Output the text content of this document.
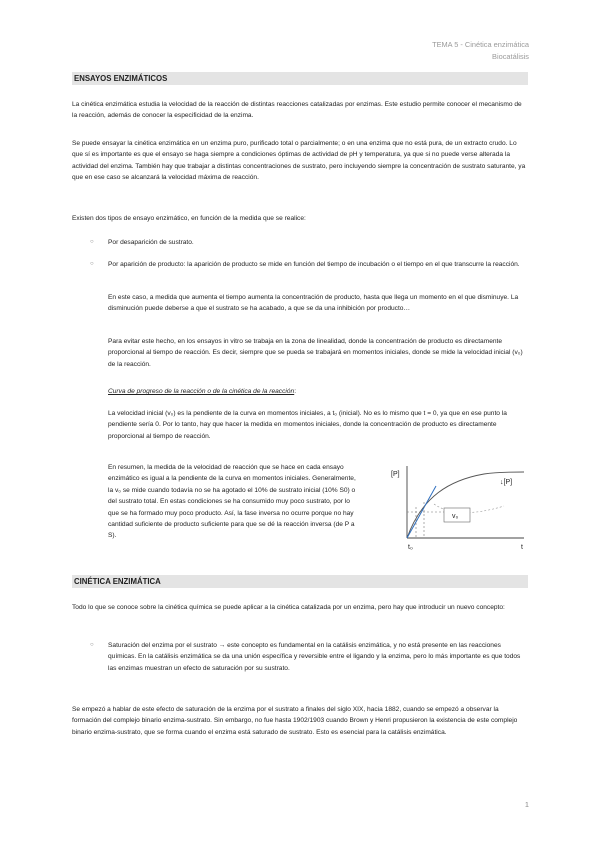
TEMA 5 - Cinética enzimática
Biocatálisis
ENSAYOS ENZIMÁTICOS

La cinética enzimática estudia la velocidad de la reacción de distintas reacciones catalizadas por enzimas. Este estudio permite conocer el mecanismo de la reacción, además de conocer la especificidad de la enzima.

Se puede ensayar la cinética enzimática en un enzima puro, purificado total o parcialmente; o en una enzima que no está pura, de un extracto crudo. Lo que sí es importante es que el ensayo se haga siempre a condiciones óptimas de actividad de pH y temperatura, ya que si no puede verse alterada la actividad del enzima. También hay que trabajar a distintas concentraciones de sustrato, pero incluyendo siempre la concentración de sustrato saturante, ya que en ese caso se alcanzará la velocidad máxima de reacción.

Existen dos tipos de ensayo enzimático, en función de la medida que se realice:

○ Por desaparición de sustrato.

○ Por aparición de producto: la aparición de producto se mide en función del tiempo de incubación o el tiempo en el que transcurre la reacción.

En este caso, a medida que aumenta el tiempo aumenta la concentración de producto, hasta que llega un momento en el que disminuye. La disminución puede deberse a que el sustrato se ha acabado, a que se da una inhibición por producto…

Para evitar este hecho, en los ensayos in vitro se trabaja en la zona de linealidad, donde la concentración de producto es directamente proporcional al tiempo de reacción. Es decir, siempre que se pueda se trabajará en momentos iniciales, donde se mide la velocidad inicial (v₀) de la reacción.

Curva de progreso de la reacción o de la cinética de la reacción:

La velocidad inicial (v₀) es la pendiente de la curva en momentos iniciales, a t₀ (inicial). No es lo mismo que t = 0, ya que en ese punto la pendiente sería 0. Por lo tanto, hay que hacer la medida en momentos iniciales, donde la concentración de producto es directamente proporcional al tiempo de reacción.

En resumen, la medida de la velocidad de reacción que se hace en cada ensayo enzimático es igual a la pendiente de la curva en momentos iniciales. Generalmente, la v₀ se mide cuando todavía no se ha agotado el 10% de sustrato inicial (10% S0) o del sustrato total. En estas condiciones se ha consumido muy poco sustrato, por lo que se ha formado muy poco producto. Así, la fase inversa no ocurre porque no hay cantidad suficiente de producto suficiente para que se dé la reacción inversa (de P a S).

v₀
[P]
↓[P]
t₀	t
CINÉTICA ENZIMÁTICA

Todo lo que se conoce sobre la cinética química se puede aplicar a la cinética catalizada por un enzima, pero hay que introducir un nuevo concepto:

○ Saturación del enzima por el sustrato → este concepto es fundamental en la catálisis enzimática, y no está presente en las reacciones químicas. En la catálisis enzimática se da una unión específica y reversible entre el ligando y la enzima, pero lo más importante es que todos las enzimas muestran un efecto de saturación por su sustrato.

Se empezó a hablar de este efecto de saturación de la enzima por el sustrato a finales del siglo XIX, hacia 1882, cuando se empezó a observar la formación del complejo binario enzima-sustrato. Sin embargo, no fue hasta 1902/1903 cuando Brown y Henri propusieron la existencia de este complejo binario enzima-sustrato, que se forma cuando el enzima está saturado de sustrato. Esto es esencial para la catálisis enzimática.

1
